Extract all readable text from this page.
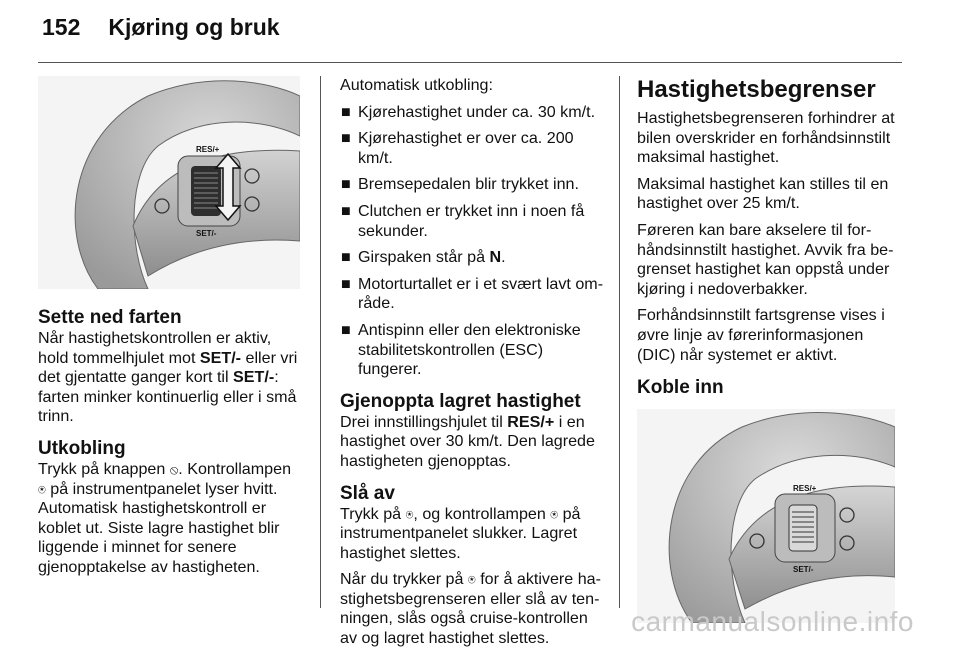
152 Kjøring og bruk
RES/+
SET/-
Sette ned farten

Når hastighetskontrollen er aktiv, hold tommelhjulet mot SET/- eller vri det gjentatte ganger kort til SET/-: farten minker kontinuerlig eller i små trinn.

Utkobling

Trykk på knappen ⦸. Kontrollampen ⍟ på instrumentpanelet lyser hvitt. Automatisk hastighetskontroll er koblet ut. Siste lagre hastighet blir liggende i minnet for senere gjenopptakelse av hastigheten.

Automatisk utkobling:

■ Kjørehastighet under ca. 30 km/t.
■ Kjørehastighet er over ca. 200 km/t.
■ Bremsepedalen blir trykket inn.
■ Clutchen er trykket inn i noen få sekunder.
■ Girspaken står på N.
■ Motorturtallet er i et svært lavt område.
■ Antispinn eller den elektroniske stabilitetskontrollen (ESC) fungerer.
Gjenoppta lagret hastighet

Drei innstillingshjulet til RES/+ i en hastighet over 30 km/t. Den lagrede hastigheten gjenopptas.

Slå av

Trykk på ⍟, og kontrollampen ⍟ på instrumentpanelet slukker. Lagret hastighet slettes.

Når du trykker på ⍟ for å aktivere hastighetsbegrenseren eller slå av tenningen, slås også cruise-kontrollen av og lagret hastighet slettes.

Hastighetsbegrenser

Hastighetsbegrenseren forhindrer at bilen overskrider en forhåndsinnstilt maksimal hastighet.

Maksimal hastighet kan stilles til en hastighet over 25 km/t.

Føreren kan bare akselere til forhåndsinnstilt hastighet. Avvik fra begrenset hastighet kan oppstå under kjøring i nedoverbakker.

Forhåndsinnstilt fartsgrense vises i øvre linje av førerinformasjonen (DIC) når systemet er aktivt.

Koble inn
RES/+
SET/-
carmanualsonline.info
